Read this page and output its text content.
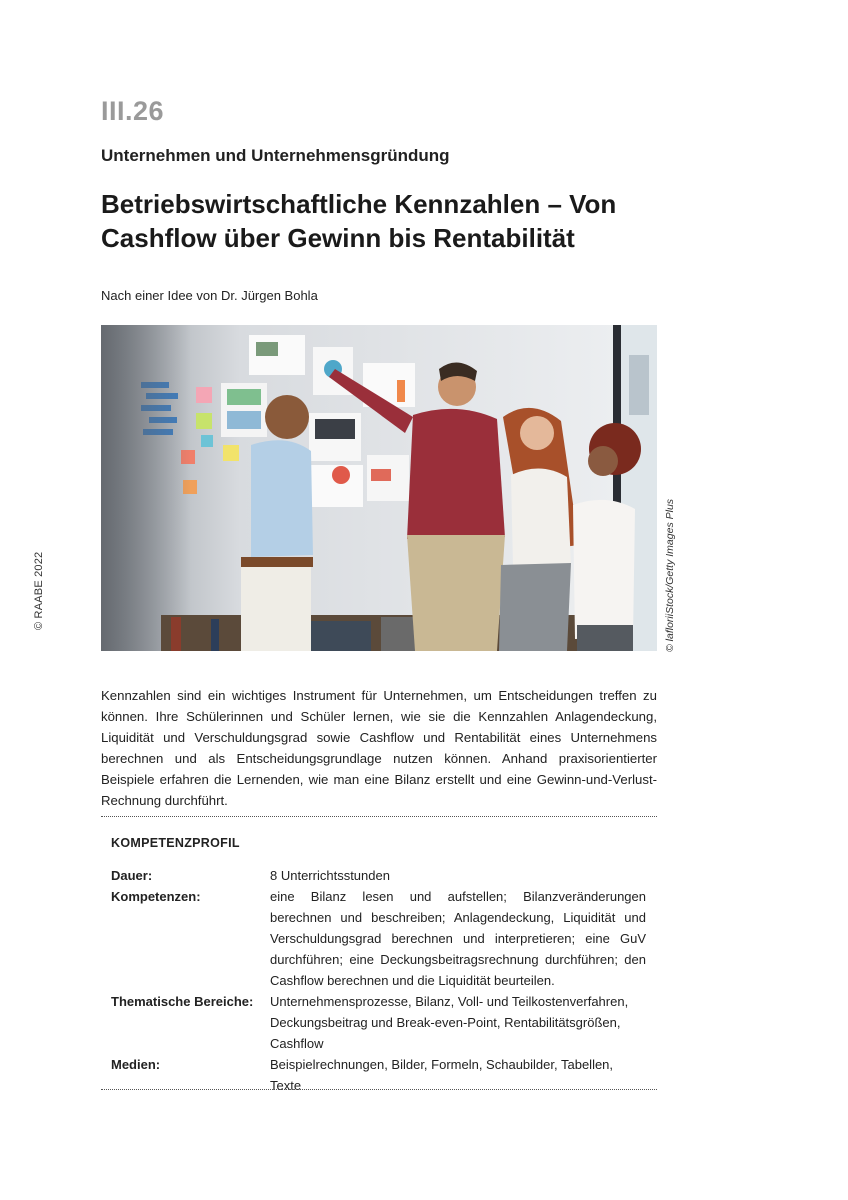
© RAABE 2022
III.26
Unternehmen und Unternehmensgründung
Betriebswirtschaftliche Kennzahlen – Von Cashflow über Gewinn bis Rentabilität
Nach einer Idee von Dr. Jürgen Bohla
© lafloriiStock/Getty Images Plus

Kennzahlen sind ein wichtiges Instrument für Unternehmen, um Entscheidungen treffen zu können. Ihre Schülerinnen und Schüler lernen, wie sie die Kennzahlen Anlagendeckung, Liquidität und Verschuldungsgrad sowie Cashflow und Rentabilität eines Unternehmens berechnen und als Entscheidungsgrundlage nutzen können. Anhand praxisorientierter Beispiele erfahren die Lernenden, wie man eine Bilanz erstellt und eine Gewinn-und-Verlust-Rechnung durchführt.

KOMPETENZPROFIL
Dauer:	8 Unterrichtsstunden
Kompetenzen:	eine Bilanz lesen und aufstellen; Bilanzveränderungen berechnen und beschreiben; Anlagendeckung, Liquidität und Verschuldungsgrad berechnen und interpretieren; eine GuV durchführen; eine Deckungsbeitragsrechnung durchführen; den Cashflow berechnen und die Liquidität beurteilen.
Thematische Bereiche: Unternehmensprozesse, Bilanz, Voll- und Teilkostenverfahren, Deckungsbeitrag und Break-even-Point, Rentabilitätsgrößen, Cashflow
Medien:	Beispielrechnungen, Bilder, Formeln, Schaubilder, Tabellen, Texte
